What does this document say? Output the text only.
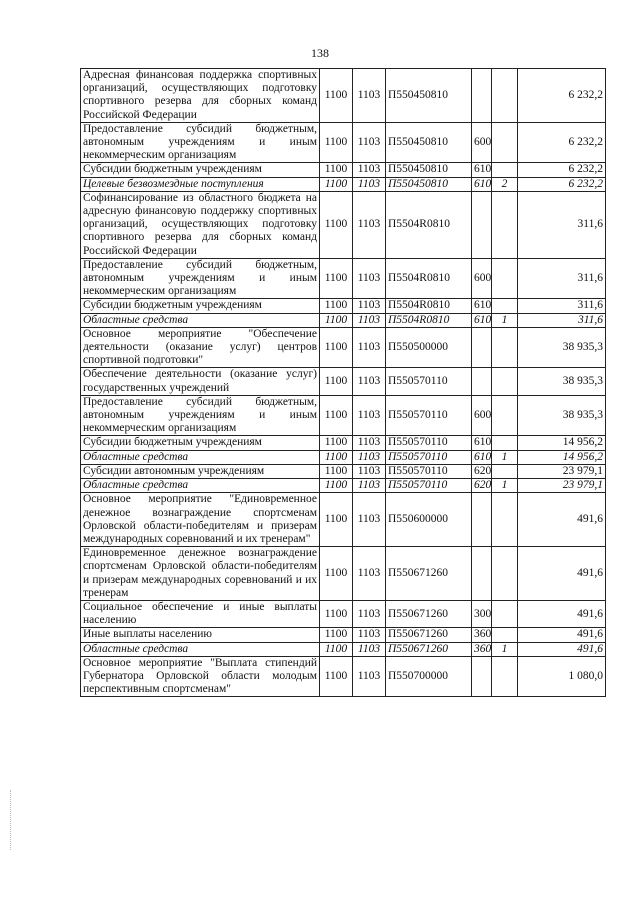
138
Адресная финансовая поддержка спортивных организаций, осуществляющих подготовку спортивного резерва для сборных команд Российской Федерации	1100	1103	П550450810			6 232,2
Предоставление субсидий бюджетным, автономным учреждениям и иным некоммерческим организациям	1100	1103	П550450810	600		6 232,2
Субсидии бюджетным учреждениям	1100	1103	П550450810	610		6 232,2
Целевые безвозмездные поступления	1100	1103	П550450810	610	2	6 232,2
Софинансирование из областного бюджета на адресную финансовую поддержку спортивных организаций, осуществляющих подготовку спортивного резерва для сборных команд Российской Федерации	1100	1103	П5504R0810			311,6
Предоставление субсидий бюджетным, автономным учреждениям и иным некоммерческим организациям	1100	1103	П5504R0810	600		311,6
Субсидии бюджетным учреждениям	1100	1103	П5504R0810	610		311,6
Областные средства	1100	1103	П5504R0810	610	1	311,6
Основное мероприятие "Обеспечение деятельности (оказание услуг) центров спортивной подготовки"	1100	1103	П550500000			38 935,3
Обеспечение деятельности (оказание услуг) государственных учреждений	1100	1103	П550570110			38 935,3
Предоставление субсидий бюджетным, автономным учреждениям и иным некоммерческим организациям	1100	1103	П550570110	600		38 935,3
Субсидии бюджетным учреждениям	1100	1103	П550570110	610		14 956,2
Областные средства	1100	1103	П550570110	610	1	14 956,2
Субсидии автономным учреждениям	1100	1103	П550570110	620		23 979,1
Областные средства	1100	1103	П550570110	620	1	23 979,1
Основное мероприятие "Единовременное денежное вознаграждение спортсменам Орловской области-победителям и призерам международных соревнований и их тренерам"	1100	1103	П550600000			491,6
Единовременное денежное вознаграждение спортсменам Орловской области-победителям и призерам международных соревнований и их тренерам	1100	1103	П550671260			491,6
Социальное обеспечение и иные выплаты населению	1100	1103	П550671260	300		491,6
Иные выплаты населению	1100	1103	П550671260	360		491,6
Областные средства	1100	1103	П550671260	360	1	491,6
Основное мероприятие "Выплата стипендий Губернатора Орловской области молодым перспективным спортсменам"	1100	1103	П550700000			1 080,0
